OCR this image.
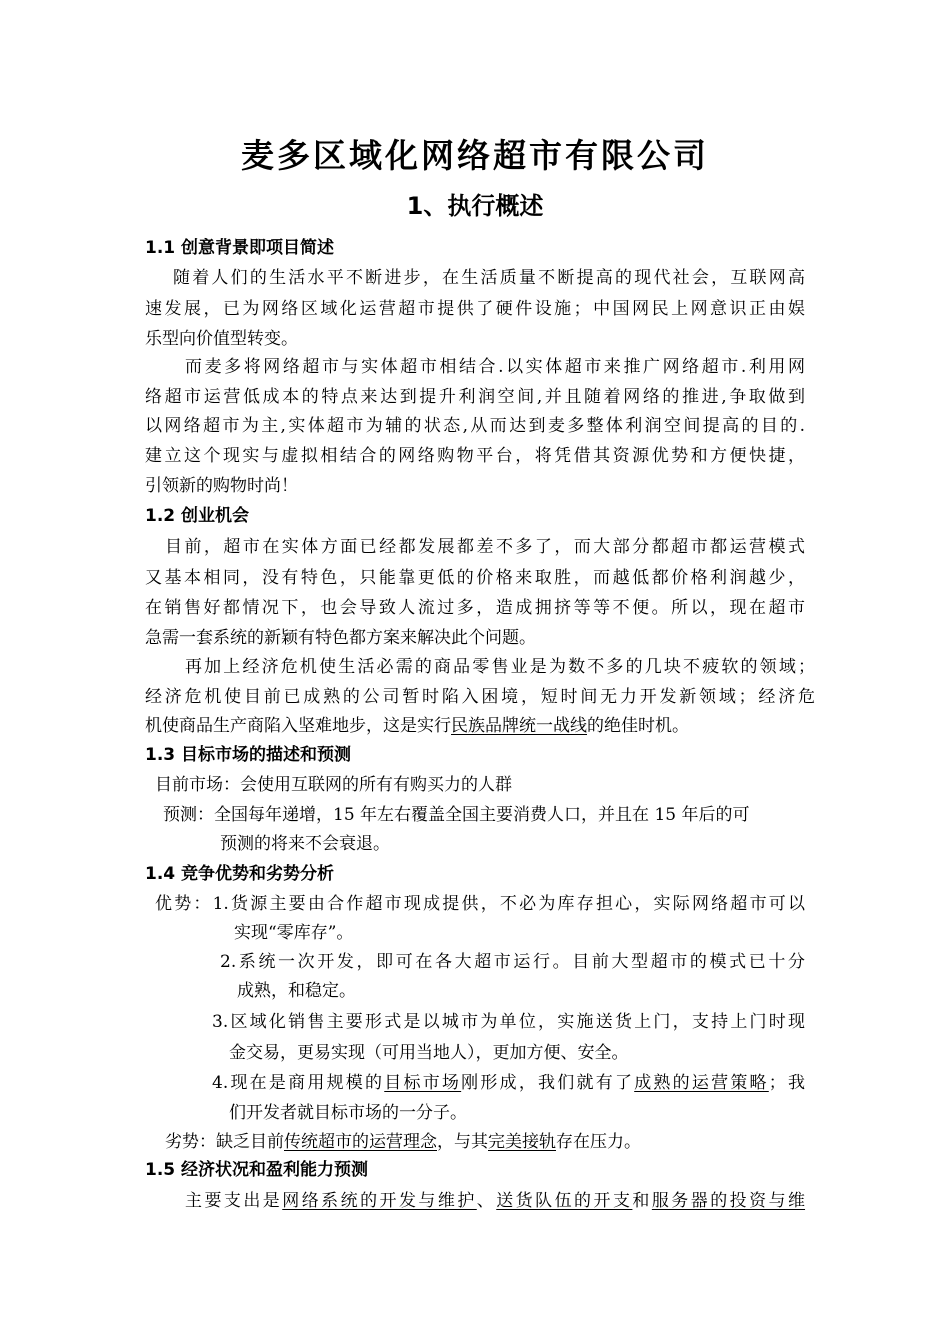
麦多区域化网络超市有限公司
1、执行概述
1.1 创意背景即项目简述
随着人们的生活水平不断进步，在生活质量不断提高的现代社会，互联网高
速发展，已为网络区域化运营超市提供了硬件设施；中国网民上网意识正由娱
乐型向价值型转变。
而麦多将网络超市与实体超市相结合.以实体超市来推广网络超市.利用网
络超市运营低成本的特点来达到提升利润空间,并且随着网络的推进,争取做到
以网络超市为主,实体超市为辅的状态,从而达到麦多整体利润空间提高的目的.
建立这个现实与虚拟相结合的网络购物平台，将凭借其资源优势和方便快捷，
引领新的购物时尚！
1.2 创业机会
目前，超市在实体方面已经都发展都差不多了，而大部分都超市都运营模式
又基本相同，没有特色，只能靠更低的价格来取胜，而越低都价格利润越少，
在销售好都情况下，也会导致人流过多，造成拥挤等等不便。所以，现在超市
急需一套系统的新颖有特色都方案来解决此个问题。
再加上经济危机使生活必需的商品零售业是为数不多的几块不疲软的领域；
经济危机使目前已成熟的公司暂时陷入困境，短时间无力开发新领域；经济危
机使商品生产商陷入坚难地步，这是实行民族品牌统一战线的绝佳时机。
1.3 目标市场的描述和预测
目前市场：会使用互联网的所有有购买力的人群
预测：全国每年递增，15 年左右覆盖全国主要消费人口，并且在 15 年后的可
预测的将来不会衰退。
1.4 竞争优势和劣势分析
优势：1.货源主要由合作超市现成提供，不必为库存担心，实际网络超市可以
实现“零库存”。
2.系统一次开发，即可在各大超市运行。目前大型超市的模式已十分
成熟，和稳定。
3.区域化销售主要形式是以城市为单位，实施送货上门，支持上门时现
金交易，更易实现（可用当地人），更加方便、安全。
4.现在是商用规模的目标市场刚形成，我们就有了成熟的运营策略；我
们开发者就目标市场的一分子。
劣势：缺乏目前传统超市的运营理念，与其完美接轨存在压力。
1.5 经济状况和盈利能力预测
主要支出是网络系统的开发与维护、送货队伍的开支和服务器的投资与维
